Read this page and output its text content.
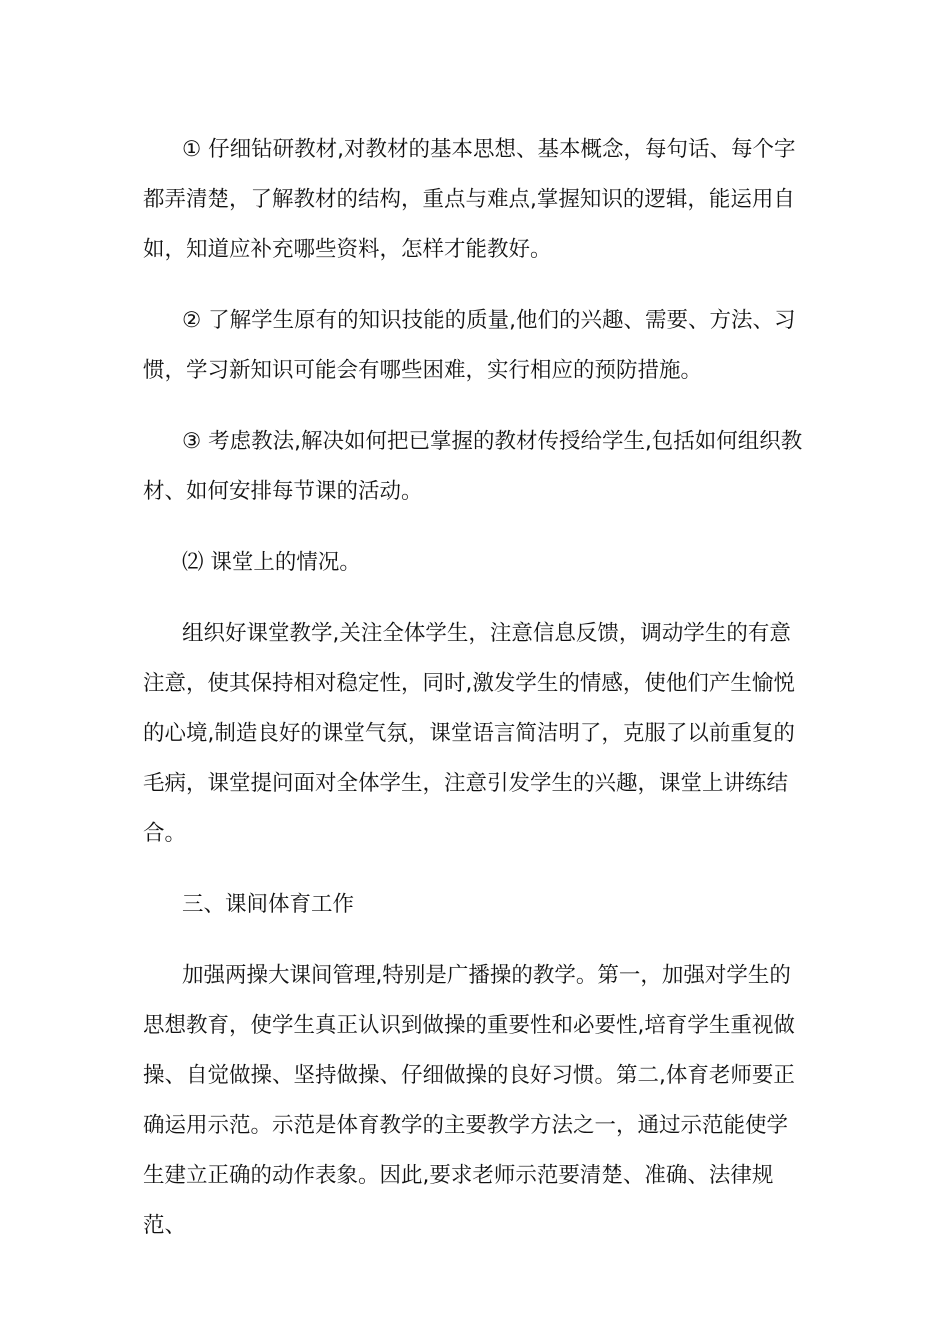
① 仔细钻研教材,对教材的基本思想、基本概念，每句话、每个字都弄清楚，了解教材的结构，重点与难点,掌握知识的逻辑，能运用自如，知道应补充哪些资料，怎样才能教好。

② 了解学生原有的知识技能的质量,他们的兴趣、需要、方法、习惯，学习新知识可能会有哪些困难，实行相应的预防措施。

③ 考虑教法,解决如何把已掌握的教材传授给学生,包括如何组织教材、如何安排每节课的活动。

⑵ 课堂上的情况。

组织好课堂教学,关注全体学生，注意信息反馈，调动学生的有意注意，使其保持相对稳定性，同时,激发学生的情感，使他们产生愉悦的心境,制造良好的课堂气氛，课堂语言简洁明了，克服了以前重复的毛病，课堂提问面对全体学生，注意引发学生的兴趣，课堂上讲练结合。

三、课间体育工作

加强两操大课间管理,特别是广播操的教学。第一，加强对学生的思想教育，使学生真正认识到做操的重要性和必要性,培育学生重视做操、自觉做操、坚持做操、仔细做操的良好习惯。第二,体育老师要正确运用示范。示范是体育教学的主要教学方法之一，通过示范能使学生建立正确的动作表象。因此,要求老师示范要清楚、准确、法律规范、
